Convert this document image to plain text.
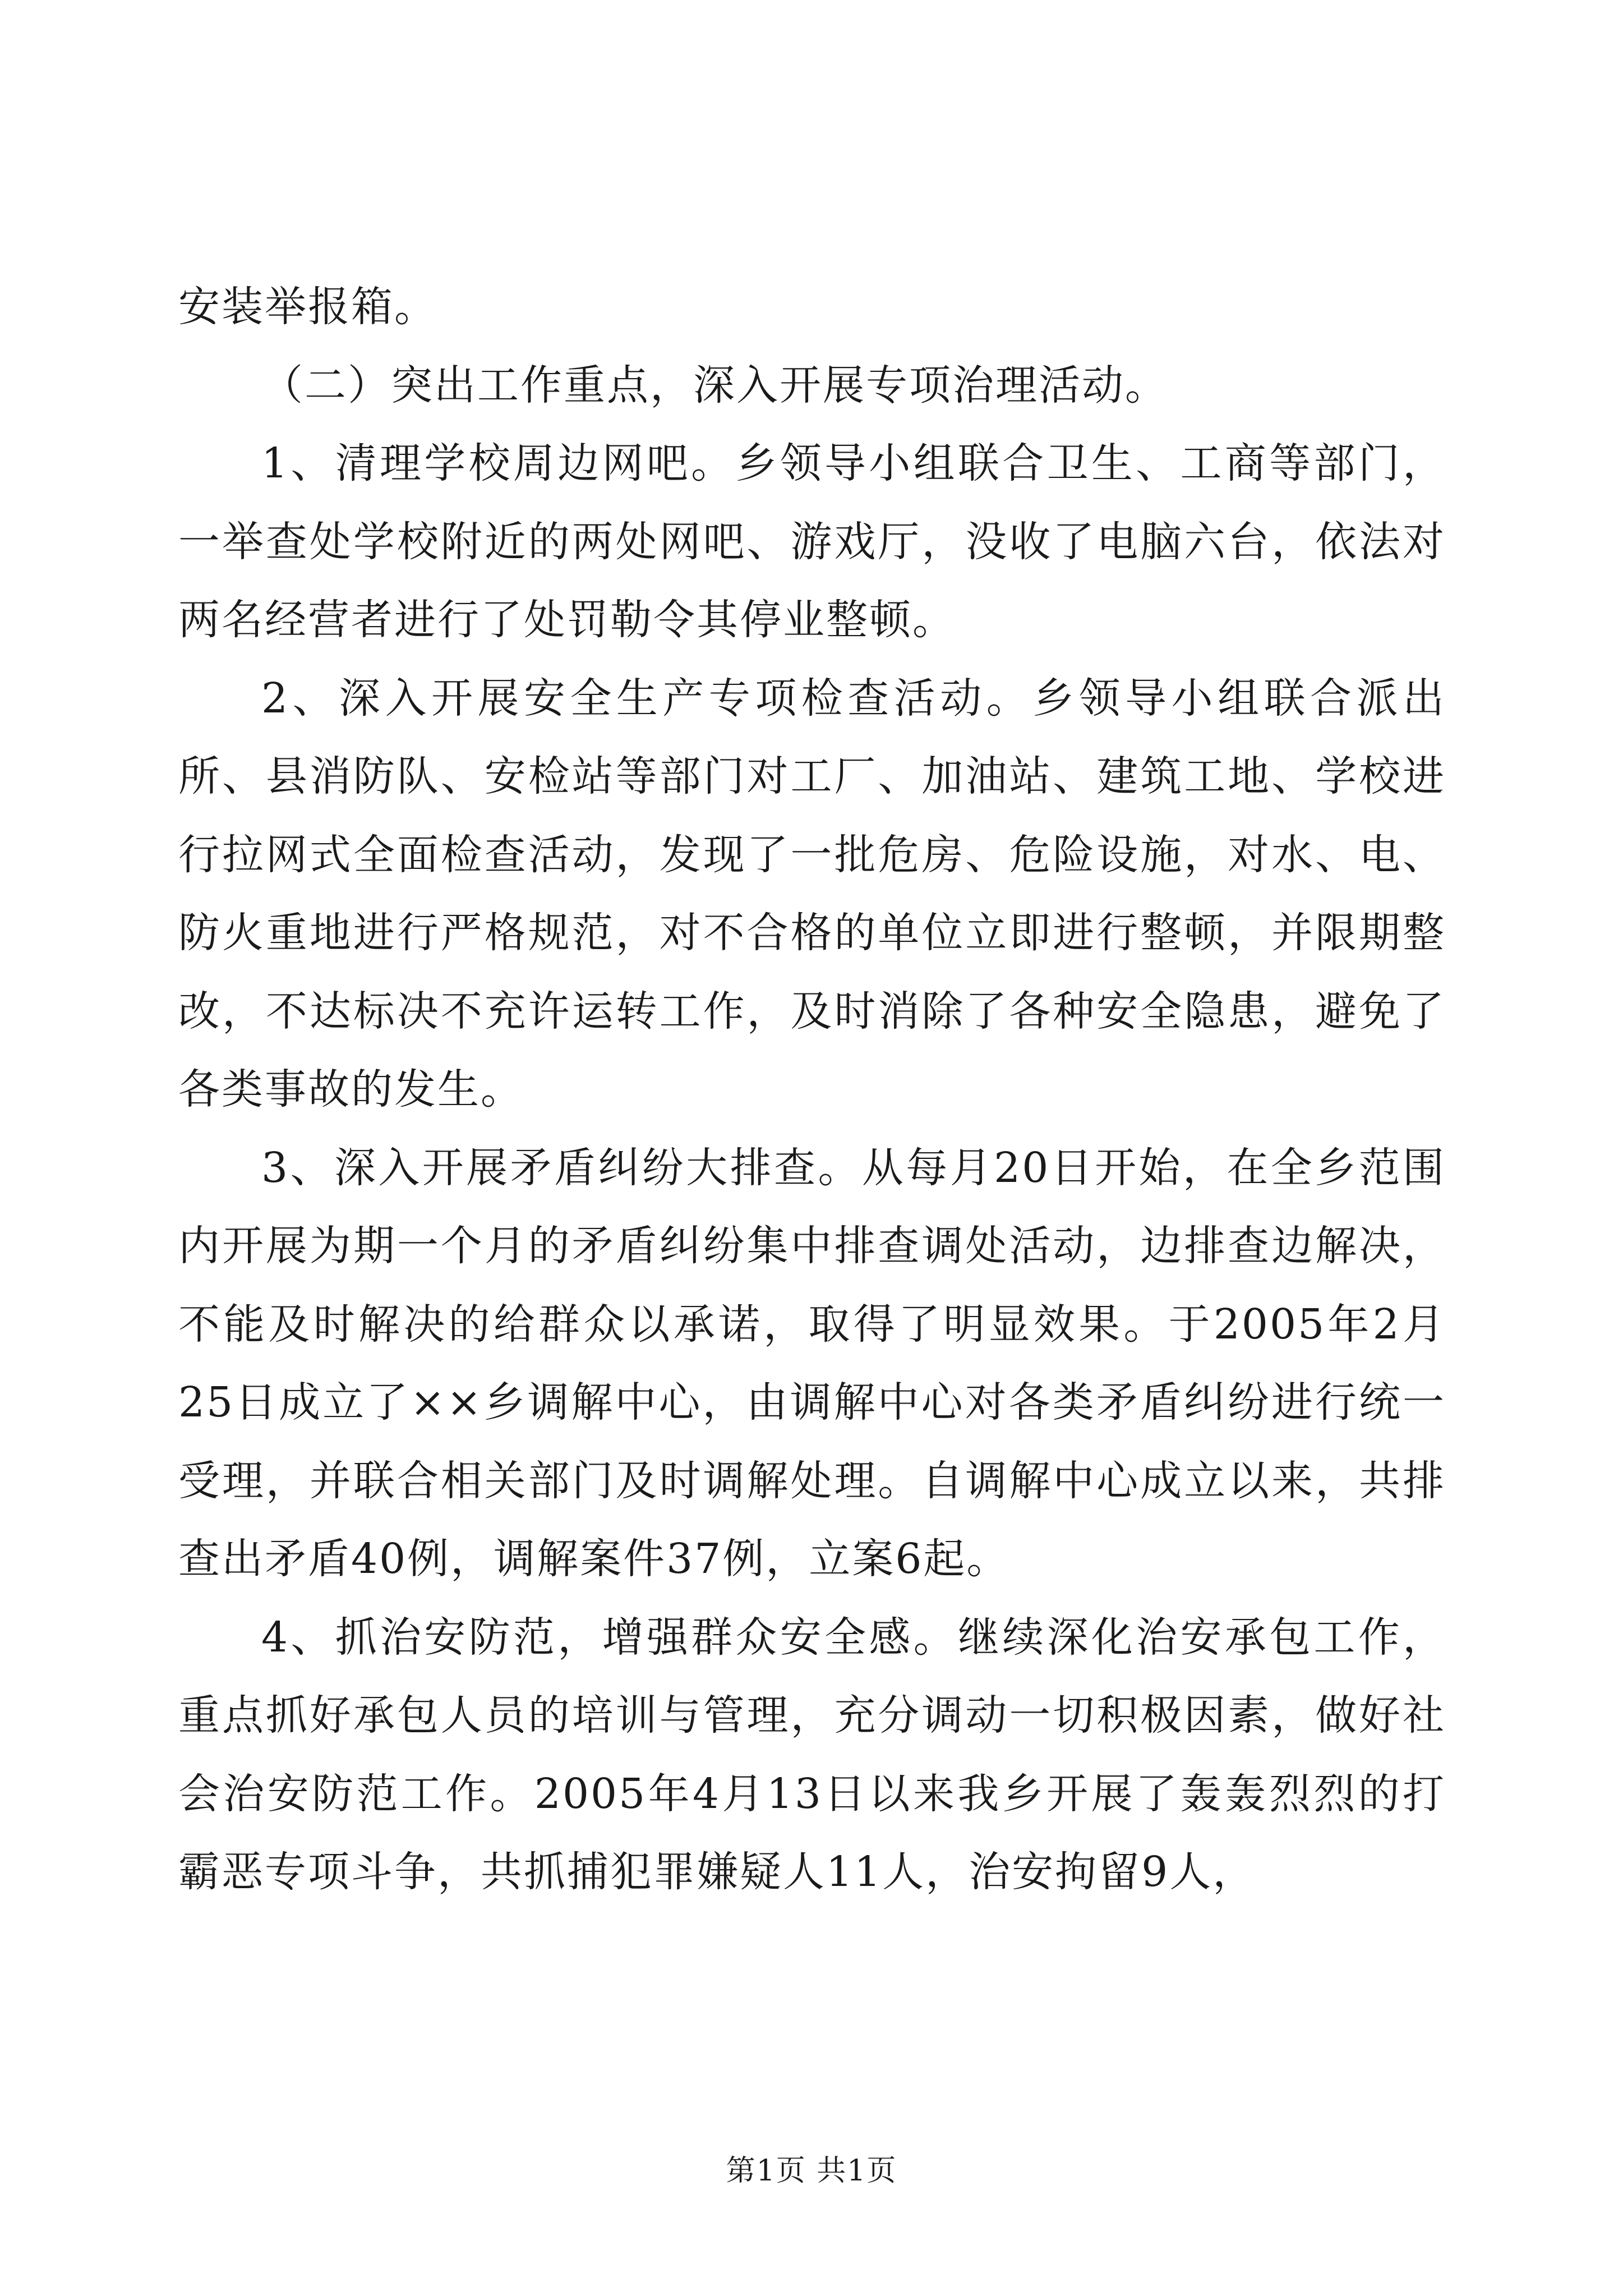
安装举报箱。

（二）突出工作重点，深入开展专项治理活动。

1、清理学校周边网吧。乡领导小组联合卫生、工商等部门，一举查处学校附近的两处网吧、游戏厅，没收了电脑六台，依法对两名经营者进行了处罚勒令其停业整顿。

2、深入开展安全生产专项检查活动。乡领导小组联合派出所、县消防队、安检站等部门对工厂、加油站、建筑工地、学校进行拉网式全面检查活动，发现了一批危房、危险设施，对水、电、防火重地进行严格规范，对不合格的单位立即进行整顿，并限期整改，不达标决不充许运转工作，及时消除了各种安全隐患，避免了各类事故的发生。

3、深入开展矛盾纠纷大排查。从每月20日开始，在全乡范围内开展为期一个月的矛盾纠纷集中排查调处活动，边排查边解决，不能及时解决的给群众以承诺，取得了明显效果。于2005年2月25日成立了××乡调解中心，由调解中心对各类矛盾纠纷进行统一受理，并联合相关部门及时调解处理。自调解中心成立以来，共排查出矛盾40例，调解案件37例，立案6起。

4、抓治安防范，增强群众安全感。继续深化治安承包工作，重点抓好承包人员的培训与管理，充分调动一切积极因素，做好社会治安防范工作。2005年4月13日以来我乡开展了轰轰烈烈的打霸恶专项斗争，共抓捕犯罪嫌疑人11人，治安拘留9人，

第1页 共1页
